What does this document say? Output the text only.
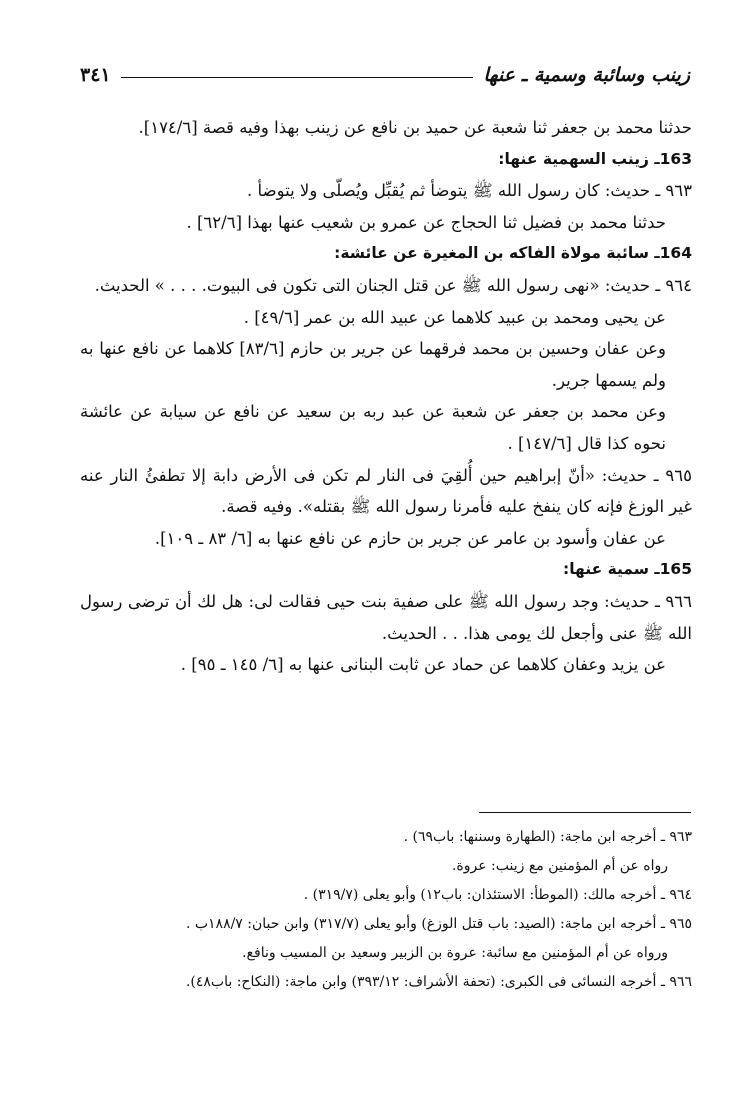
٣٤١	زينب وسائبة وسمية ـ عنها

حدثنا محمد بن جعفر ثنا شعبة عن حميد بن نافع عن زينب بهذا وفيه قصة [١٧٤/٦].

163ـ زينب السهمية عنها:

٩٦٣ ـ حديث: كان رسول الله ﷺ يتوضأ ثم يُقبِّل ويُصلّى ولا يتوضأ .

حدثنا محمد بن فضيل ثنا الحجاج عن عمرو بن شعيب عنها بهذا [٦٢/٦] .

164ـ سائبة مولاة الفاكه بن المغيرة عن عائشة:

٩٦٤ ـ حديث: «نهى رسول الله ﷺ عن قتل الجنان التى تكون فى البيوت. . . . » الحديث.

عن يحيى ومحمد بن عبيد كلاهما عن عبيد الله بن عمر [٤٩/٦] .

وعن عفان وحسين بن محمد فرقهما عن جرير بن حازم [٨٣/٦] كلاهما عن نافع عنها به ولم يسمها جرير.

وعن محمد بن جعفر عن شعبة عن عبد ربه بن سعيد عن نافع عن سيابة عن عائشة نحوه كذا قال [١٤٧/٦] .

٩٦٥ ـ حديث: «أنّ إبراهيم حين أُلقِيَ فى النار لم تكن فى الأرض دابة إلا تطفئُ النار عنه غير الوزغ فإنه كان ينفخ عليه فأمرنا رسول الله ﷺ بقتله». وفيه قصة.

عن عفان وأسود بن عامر عن جرير بن حازم عن نافع عنها به [٦/ ٨٣ ـ ١٠٩].

165ـ سمية عنها:

٩٦٦ ـ حديث: وجد رسول الله ﷺ على صفية بنت حيى فقالت لى: هل لك أن ترضى رسول الله ﷺ عنى وأجعل لك يومى هذا. . . الحديث.

عن يزيد وعفان كلاهما عن حماد عن ثابت البنانى عنها به [٦/ ١٤٥ ـ ٩٥] .

٩٦٣ ـ أخرجه ابن ماجة: (الطهارة وسننها: باب٦٩) .

رواه عن أم المؤمنين مع زينب: عروة.

٩٦٤ ـ أخرجه مالك: (الموطأ: الاستئذان: باب١٢) وأبو يعلى (٣١٩/٧) .

٩٦٥ ـ أخرجه ابن ماجة: (الصيد: باب قتل الوزغ) وأبو يعلى (٣١٧/٧) وابن حبان: ١٨٨/٧ب .

ورواه عن أم المؤمنين مع سائبة: عروة بن الزبير وسعيد بن المسيب ونافع.

٩٦٦ ـ أخرجه النسائى فى الكبرى: (تحفة الأشراف: ٣٩٣/١٢) وابن ماجة: (النكاح: باب٤٨).
